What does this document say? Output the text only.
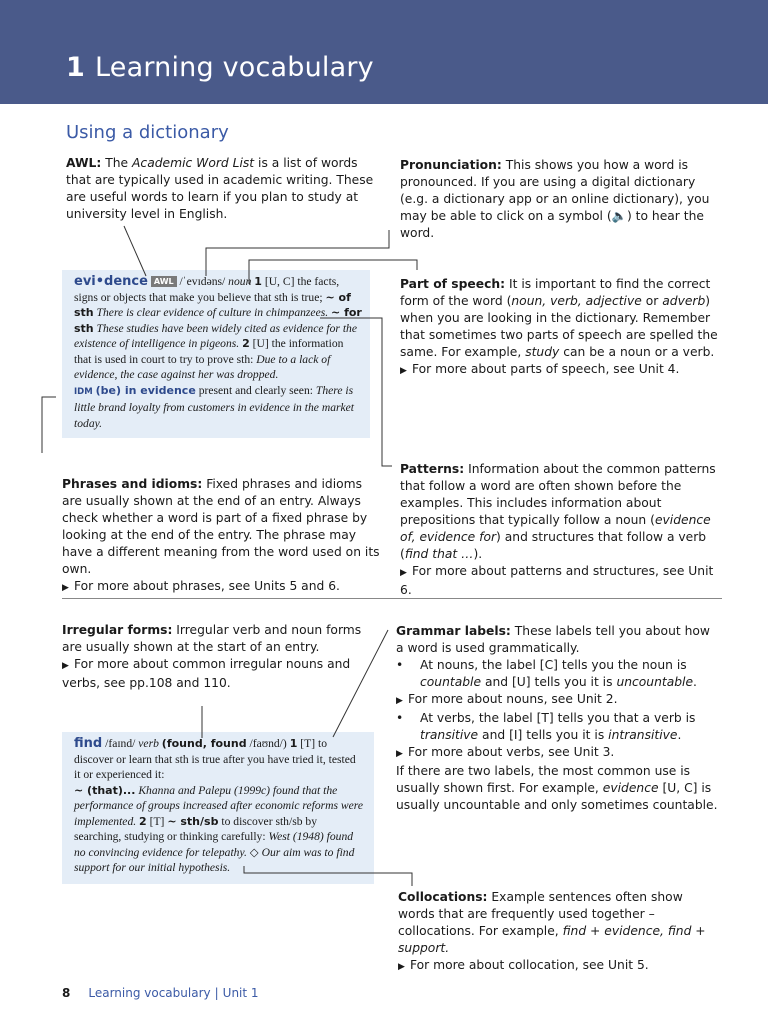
1 Learning vocabulary
Using a dictionary

AWL: The Academic Word List is a list of words that are typically used in academic writing. These are useful words to learn if you plan to study at university level in English.

Pronunciation: This shows you how a word is pronounced. If you are using a digital dictionary (e.g. a dictionary app or an online dictionary), you may be able to click on a symbol (🔈) to hear the word.

evi•dence AWL /ˈevɪdəns/ noun 1 [U, C] the facts, signs or objects that make you believe that sth is true; ~ of sth There is clear evidence of culture in chimpanzees. ~ for sth These studies have been widely cited as evidence for the existence of intelligence in pigeons. 2 [U] the information that is used in court to try to prove sth: Due to a lack of evidence, the case against her was dropped.

IDM (be) in evidence present and clearly seen: There is little brand loyalty from customers in evidence in the market today.

Part of speech: It is important to find the correct form of the word (noun, verb, adjective or adverb) when you are looking in the dictionary. Remember that sometimes two parts of speech are spelled the same. For example, study can be a noun or a verb.

▶ For more about parts of speech, see Unit 4.

Patterns: Information about the common patterns that follow a word are often shown before the examples. This includes information about prepositions that typically follow a noun (evidence of, evidence for) and structures that follow a verb (find that …).

▶ For more about patterns and structures, see Unit 6.

Phrases and idioms: Fixed phrases and idioms are usually shown at the end of an entry. Always check whether a word is part of a fixed phrase by looking at the end of the entry. The phrase may have a different meaning from the word used on its own.

▶ For more about phrases, see Units 5 and 6.

Irregular forms: Irregular verb and noun forms are usually shown at the start of an entry.

▶ For more about common irregular nouns and verbs, see pp.108 and 110.

Grammar labels: These labels tell you about how a word is used grammatically.

• At nouns, the label [C] tells you the noun is countable and [U] tells you it is uncountable.

▶ For more about nouns, see Unit 2.

• At verbs, the label [T] tells you that a verb is transitive and [I] tells you it is intransitive.

▶ For more about verbs, see Unit 3.

If there are two labels, the most common use is usually shown first. For example, evidence [U, C] is usually uncountable and only sometimes countable.

find /faɪnd/ verb (found, found /faʊnd/) 1 [T] to discover or learn that sth is true after you have tried it, tested it or experienced it:

~ (that)... Khanna and Palepu (1999c) found that the performance of groups increased after economic reforms were implemented. 2 [T] ~ sth/sb to discover sth/sb by searching, studying or thinking carefully: West (1948) found no convincing evidence for telepathy. ◇ Our aim was to find support for our initial hypothesis.

Collocations: Example sentences often show words that are frequently used together – collocations. For example, find + evidence, find + support.

▶ For more about collocation, see Unit 5.

8 Learning vocabulary | Unit 1
